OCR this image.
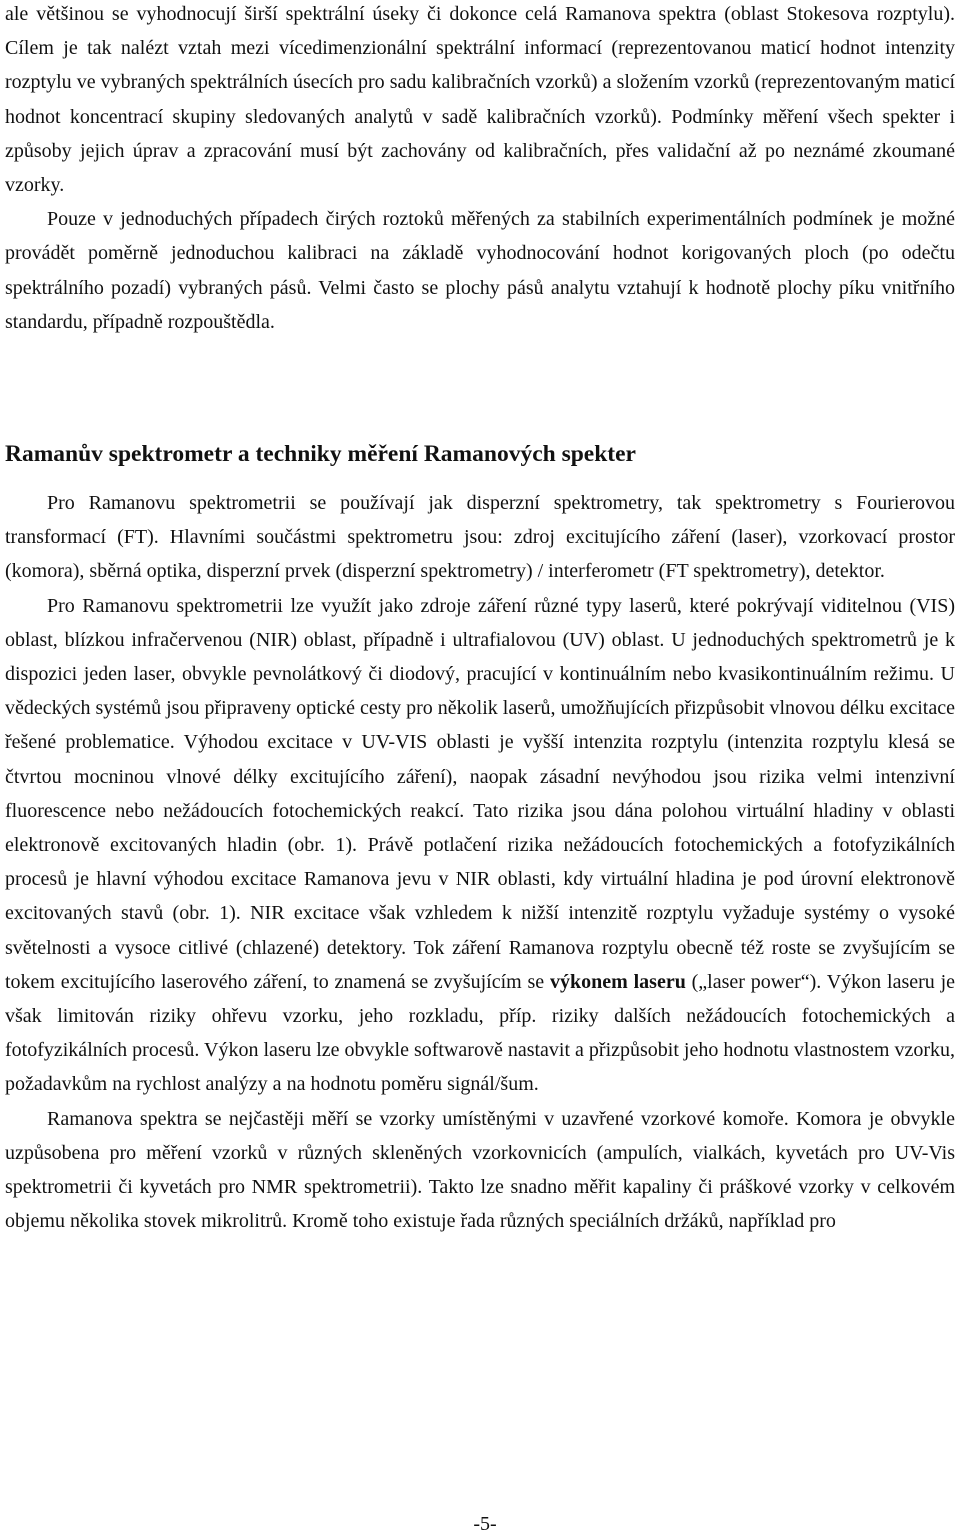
ale většinou se vyhodnocují širší spektrální úseky či dokonce celá Ramanova spektra (oblast Stokesova rozptylu). Cílem je tak nalézt vztah mezi vícedimenzionální spektrální informací (reprezentovanou maticí hodnot intenzity rozptylu ve vybraných spektrálních úsecích pro sadu kalibračních vzorků) a složením vzorků (reprezentovaným maticí hodnot koncentrací skupiny sledovaných analytů v sadě kalibračních vzorků). Podmínky měření všech spekter i způsoby jejich úprav a zpracování musí být zachovány od kalibračních, přes validační až po neznámé zkoumané vzorky.

Pouze v jednoduchých případech čirých roztoků měřených za stabilních experimentálních podmínek je možné provádět poměrně jednoduchou kalibraci na základě vyhodnocování hodnot korigovaných ploch (po odečtu spektrálního pozadí) vybraných pásů. Velmi často se plochy pásů analytu vztahují k hodnotě plochy píku vnitřního standardu, případně rozpouštědla.

Ramanův spektrometr a techniky měření Ramanových spekter

Pro Ramanovu spektrometrii se používají jak disperzní spektrometry, tak spektrometry s Fourierovou transformací (FT). Hlavními součástmi spektrometru jsou: zdroj excitujícího záření (laser), vzorkovací prostor (komora), sběrná optika, disperzní prvek (disperzní spektrometry) / interferometr (FT spektrometry), detektor.

Pro Ramanovu spektrometrii lze využít jako zdroje záření různé typy laserů, které pokrývají viditelnou (VIS) oblast, blízkou infračervenou (NIR) oblast, případně i ultrafialovou (UV) oblast. U jednoduchých spektrometrů je k dispozici jeden laser, obvykle pevnolátkový či diodový, pracující v kontinuálním nebo kvasikontinuálním režimu. U vědeckých systémů jsou připraveny optické cesty pro několik laserů, umožňujících přizpůsobit vlnovou délku excitace řešené problematice. Výhodou excitace v UV-VIS oblasti je vyšší intenzita rozptylu (intenzita rozptylu klesá se čtvrtou mocninou vlnové délky excitujícího záření), naopak zásadní nevýhodou jsou rizika velmi intenzivní fluorescence nebo nežádoucích fotochemických reakcí. Tato rizika jsou dána polohou virtuální hladiny v oblasti elektronově excitovaných hladin (obr. 1). Právě potlačení rizika nežádoucích fotochemických a fotofyzikálních procesů je hlavní výhodou excitace Ramanova jevu v NIR oblasti, kdy virtuální hladina je pod úrovní elektronově excitovaných stavů (obr. 1). NIR excitace však vzhledem k nižší intenzitě rozptylu vyžaduje systémy o vysoké světelnosti a vysoce citlivé (chlazené) detektory. Tok záření Ramanova rozptylu obecně též roste se zvyšujícím se tokem excitujícího laserového záření, to znamená se zvyšujícím se výkonem laseru („laser power“). Výkon laseru je však limitován riziky ohřevu vzorku, jeho rozkladu, příp. riziky dalších nežádoucích fotochemických a fotofyzikálních procesů. Výkon laseru lze obvykle softwarově nastavit a přizpůsobit jeho hodnotu vlastnostem vzorku, požadavkům na rychlost analýzy a na hodnotu poměru signál/šum.

Ramanova spektra se nejčastěji měří se vzorky umístěnými v uzavřené vzorkové komoře. Komora je obvykle uzpůsobena pro měření vzorků v různých skleněných vzorkovnicích (ampulích, vialkách, kyvetách pro UV-Vis spektrometrii či kyvetách pro NMR spektrometrii). Takto lze snadno měřit kapaliny či práškové vzorky v celkovém objemu několika stovek mikrolitrů. Kromě toho existuje řada různých speciálních držáků, například pro

-5-
